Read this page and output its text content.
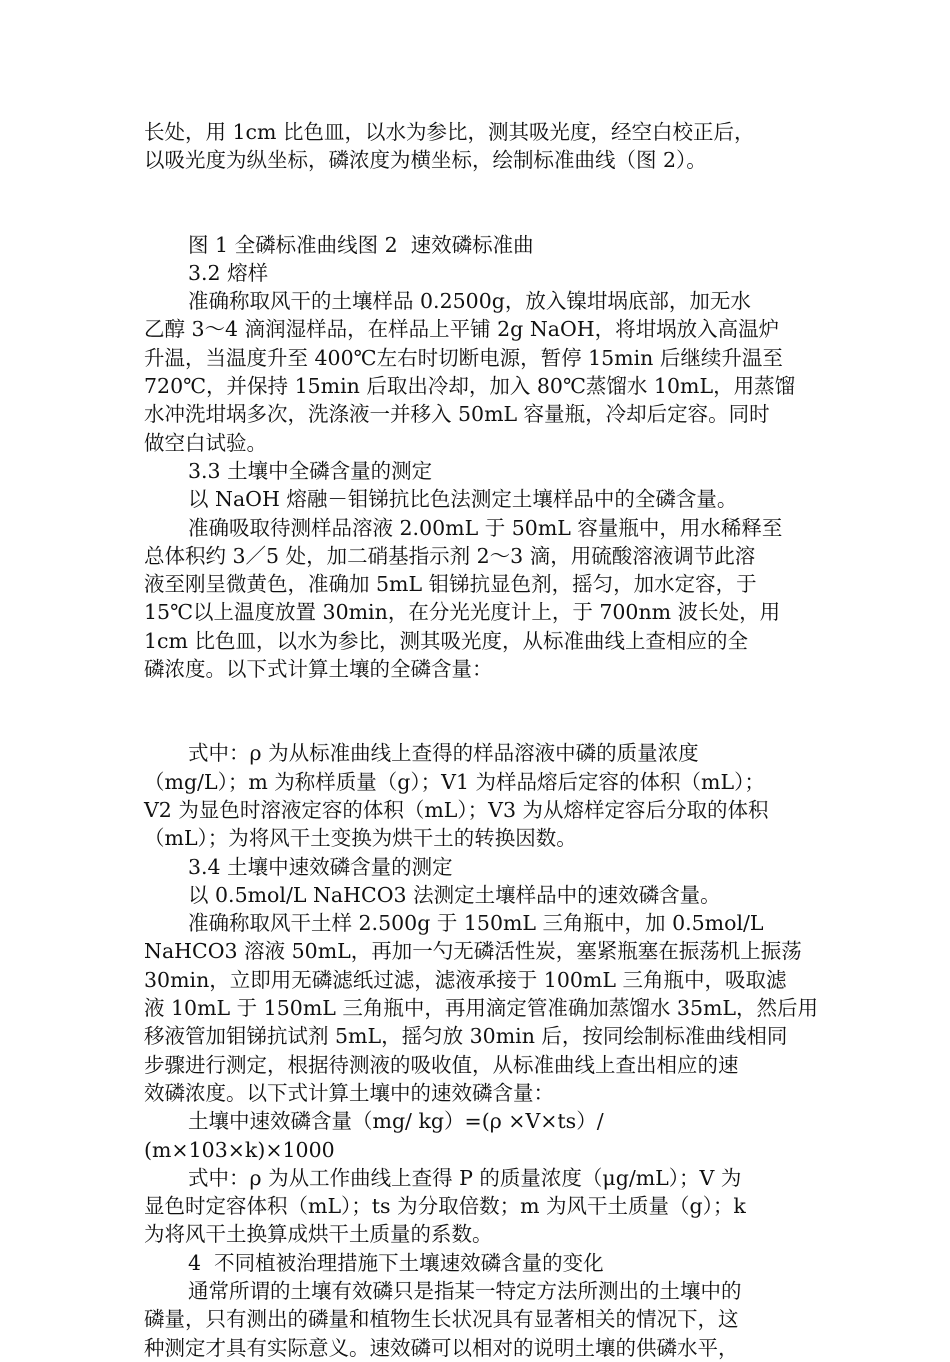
长处，用 1cm 比色皿，以水为参比，测其吸光度，经空白校正后，
以吸光度为纵坐标，磷浓度为横坐标，绘制标准曲线（图 2）。
图 1 全磷标准曲线图 2  速效磷标准曲
3.2 熔样
准确称取风干的土壤样品 0.2500g，放入镍坩埚底部，加无水
乙醇 3～4 滴润湿样品，在样品上平铺 2g NaOH，将坩埚放入高温炉
升温，当温度升至 400℃左右时切断电源，暂停 15min 后继续升温至
720℃，并保持 15min 后取出冷却，加入 80℃蒸馏水 10mL，用蒸馏
水冲洗坩埚多次，洗涤液一并移入 50mL 容量瓶，冷却后定容。同时
做空白试验。
3.3 土壤中全磷含量的测定
以 NaOH 熔融－钼锑抗比色法测定土壤样品中的全磷含量。
准确吸取待测样品溶液 2.00mL 于 50mL 容量瓶中，用水稀释至
总体积约 3／5 处，加二硝基指示剂 2～3 滴，用硫酸溶液调节此溶
液至刚呈微黄色，准确加 5mL 钼锑抗显色剂，摇匀，加水定容，于
15℃以上温度放置 30min，在分光光度计上，于 700nm 波长处，用
1cm 比色皿，以水为参比，测其吸光度，从标准曲线上查相应的全
磷浓度。以下式计算土壤的全磷含量：
式中：ρ 为从标准曲线上查得的样品溶液中磷的质量浓度
（mg/L）；m 为称样质量（g）；V1 为样品熔后定容的体积（mL）；
V2 为显色时溶液定容的体积（mL）；V3 为从熔样定容后分取的体积
（mL）；为将风干土变换为烘干土的转换因数。
3.4 土壤中速效磷含量的测定
以 0.5mol/L NaHCO3 法测定土壤样品中的速效磷含量。
准确称取风干土样 2.500g 于 150mL 三角瓶中，加 0.5mol/L
NaHCO3 溶液 50mL，再加一勺无磷活性炭，塞紧瓶塞在振荡机上振荡
30min，立即用无磷滤纸过滤，滤液承接于 100mL 三角瓶中，吸取滤
液 10mL 于 150mL 三角瓶中，再用滴定管准确加蒸馏水 35mL，然后用
移液管加钼锑抗试剂 5mL，摇匀放 30min 后，按同绘制标准曲线相同
步骤进行测定，根据待测液的吸收值，从标准曲线上查出相应的速
效磷浓度。以下式计算土壤中的速效磷含量：
土壤中速效磷含量（mg/ kg）=(ρ ×V×ts）/
(m×103×k)×1000
式中：ρ 为从工作曲线上查得 P 的质量浓度（μg/mL）；V 为
显色时定容体积（mL）；ts 为分取倍数；m 为风干土质量（g）；k
为将风干土换算成烘干土质量的系数。
4  不同植被治理措施下土壤速效磷含量的变化
通常所谓的土壤有效磷只是指某一特定方法所测出的土壤中的
磷量，只有测出的磷量和植物生长状况具有显著相关的情况下，这
种测定才具有实际意义。速效磷可以相对的说明土壤的供磷水平，
